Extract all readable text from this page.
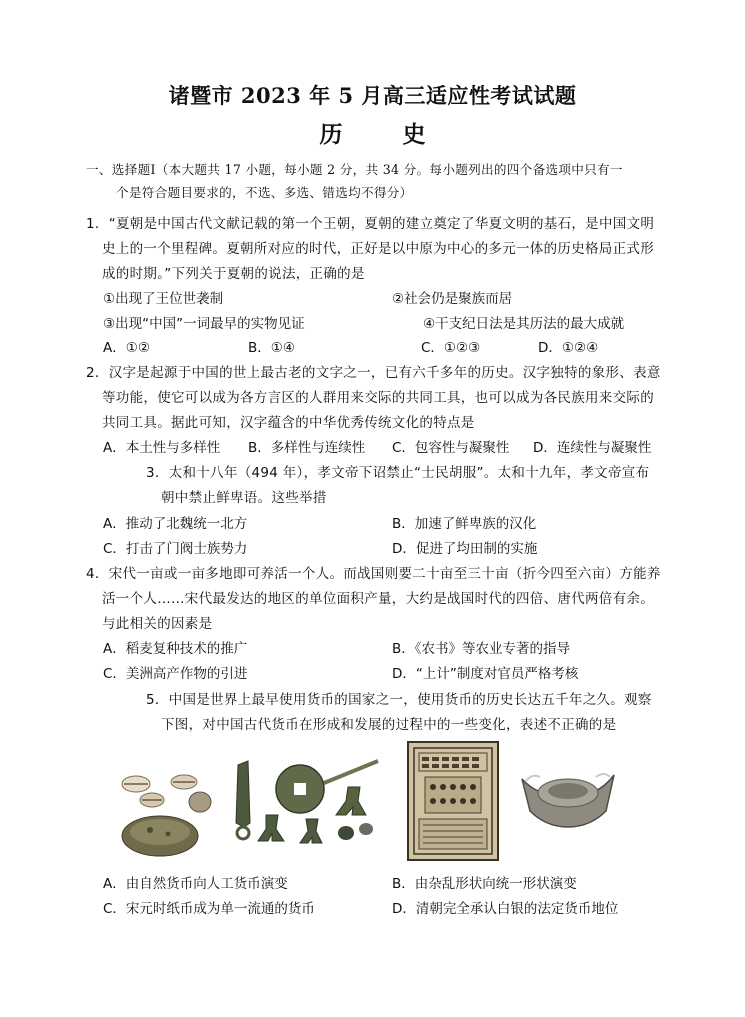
诸暨市 2023 年 5 月高三适应性考试试题
历 史
一、选择题Ⅰ（本大题共 17 小题，每小题 2 分，共 34 分。每小题列出的四个备选项中只有一
个是符合题目要求的，不选、多选、错选均不得分）
1．“夏朝是中国古代文献记载的第一个王朝，夏朝的建立奠定了华夏文明的基石，是中国文明
史上的一个里程碑。夏朝所对应的时代，正好是以中原为中心的多元一体的历史格局正式形
成的时期。”下列关于夏朝的说法，正确的是
①出现了王位世袭制	②社会仍是聚族而居
③出现“中国”一词最早的实物见证	④干支纪日法是其历法的最大成就
A．①②	B．①④	C．①②③	D．①②④
2．汉字是起源于中国的世上最古老的文字之一，已有六千多年的历史。汉字独特的象形、表意
等功能，使它可以成为各方言区的人群用来交际的共同工具，也可以成为各民族用来交际的
共同工具。据此可知，汉字蕴含的中华优秀传统文化的特点是
A．本土性与多样性 B．多样性与连续性 C．包容性与凝聚性 D．连续性与凝聚性
3．太和十八年（494 年），孝文帝下诏禁止“士民胡服”。太和十九年，孝文帝宣布
朝中禁止鲜卑语。这些举措
A．推动了北魏统一北方	B．加速了鲜卑族的汉化
C．打击了门阀士族势力	D．促进了均田制的实施
4．宋代一亩或一亩多地即可养活一个人。而战国则要二十亩至三十亩（折今四至六亩）方能养
活一个人……宋代最发达的地区的单位面积产量，大约是战国时代的四倍、唐代两倍有余。
与此相关的因素是
A．稻麦复种技术的推广	B．《农书》等农业专著的指导
C．美洲高产作物的引进	D．“上计”制度对官员严格考核
5．中国是世界上最早使用货币的国家之一，使用货币的历史长达五千年之久。观察
下图，对中国古代货币在形成和发展的过程中的一些变化，表述不正确的是
A．由自然货币向人工货币演变	B．由杂乱形状向统一形状演变
C．宋元时纸币成为单一流通的货币	D．清朝完全承认白银的法定货币地位
